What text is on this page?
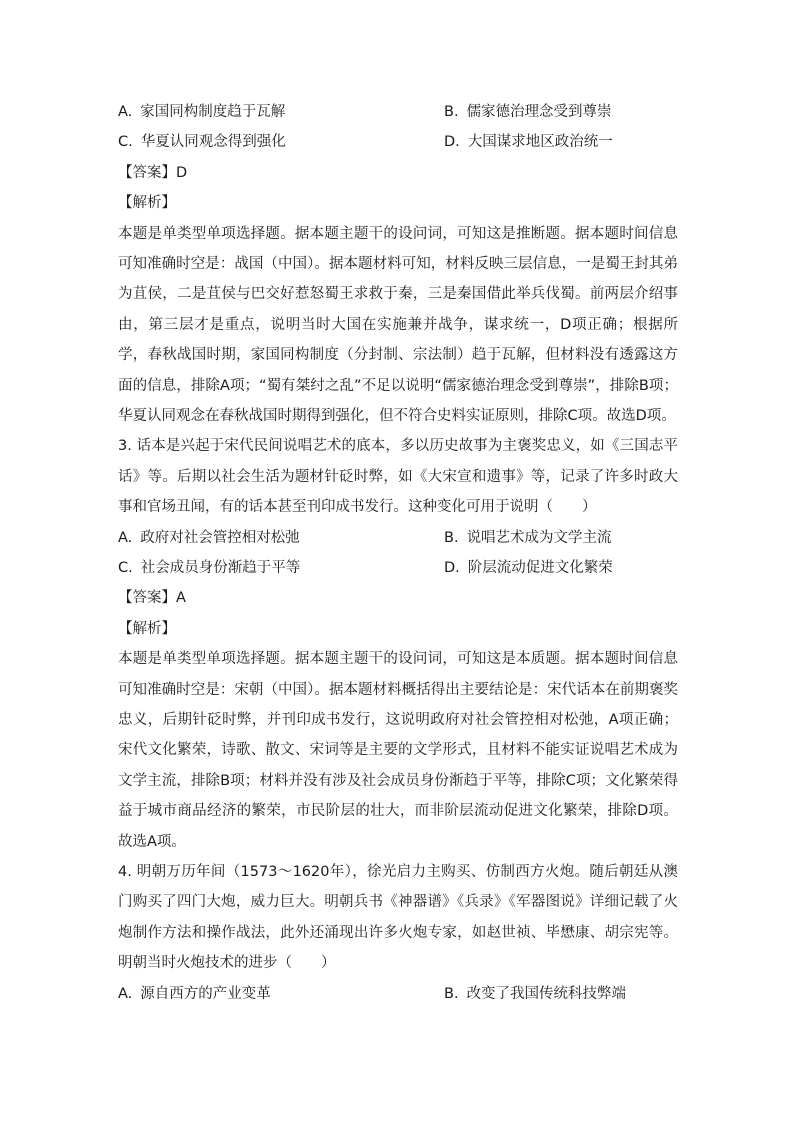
A. 家国同构制度趋于瓦解	B. 儒家德治理念受到尊崇
C. 华夏认同观念得到强化	D. 大国谋求地区政治统一
【答案】D
【解析】
本题是单类型单项选择题。据本题主题干的设问词，可知这是推断题。据本题时间信息可知准确时空是：战国（中国）。据本题材料可知，材料反映三层信息，一是蜀王封其弟为苴侯，二是苴侯与巴交好惹怒蜀王求救于秦，三是秦国借此举兵伐蜀。前两层介绍事由，第三层才是重点，说明当时大国在实施兼并战争，谋求统一，D项正确；根据所学，春秋战国时期，家国同构制度（分封制、宗法制）趋于瓦解，但材料没有透露这方面的信息，排除A项；“蜀有桀纣之乱”不足以说明“儒家德治理念受到尊崇”，排除B项；华夏认同观念在春秋战国时期得到强化，但不符合史料实证原则，排除C项。故选D项。
3. 话本是兴起于宋代民间说唱艺术的底本，多以历史故事为主褒奖忠义，如《三国志平话》等。后期以社会生活为题材针砭时弊，如《大宋宣和遗事》等，记录了许多时政大事和官场丑闻，有的话本甚至刊印成书发行。这种变化可用于说明（　　）
A. 政府对社会管控相对松弛	B. 说唱艺术成为文学主流
C. 社会成员身份渐趋于平等	D. 阶层流动促进文化繁荣
【答案】A
【解析】
本题是单类型单项选择题。据本题主题干的设问词，可知这是本质题。据本题时间信息可知准确时空是：宋朝（中国）。据本题材料概括得出主要结论是：宋代话本在前期褒奖忠义，后期针砭时弊，并刊印成书发行，这说明政府对社会管控相对松弛，A项正确；宋代文化繁荣，诗歌、散文、宋词等是主要的文学形式，且材料不能实证说唱艺术成为文学主流，排除B项；材料并没有涉及社会成员身份渐趋于平等，排除C项；文化繁荣得益于城市商品经济的繁荣，市民阶层的壮大，而非阶层流动促进文化繁荣，排除D项。故选A项。
4. 明朝万历年间（1573～1620年），徐光启力主购买、仿制西方火炮。随后朝廷从澳门购买了四门大炮，威力巨大。明朝兵书《神器谱》《兵录》《军器图说》详细记载了火炮制作方法和操作战法，此外还涌现出许多火炮专家，如赵世祯、毕懋康、胡宗宪等。明朝当时火炮技术的进步（　　）
A. 源自西方的产业变革	B. 改变了我国传统科技弊端
